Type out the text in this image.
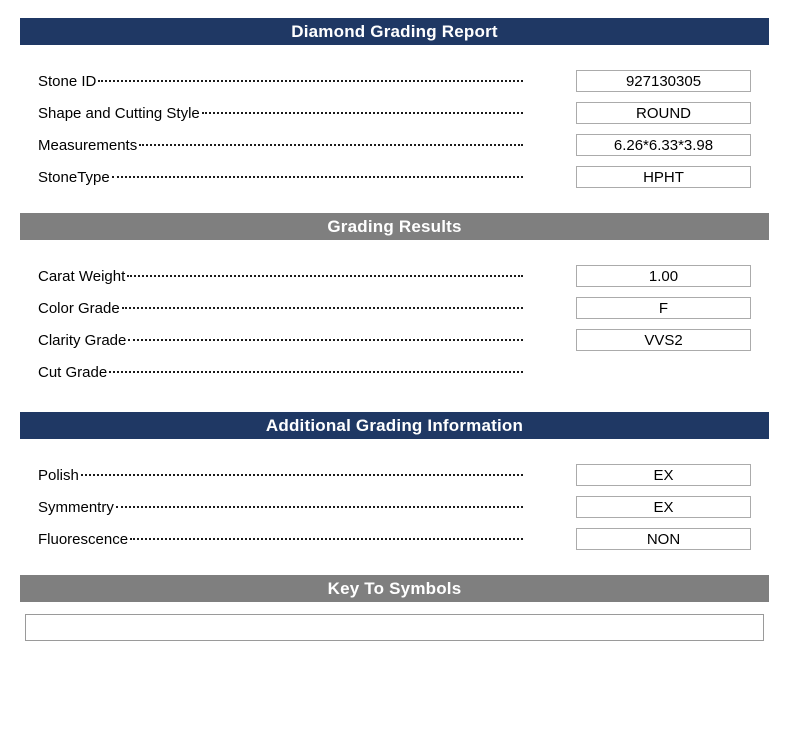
Diamond Grading Report
Stone ID	927130305
Shape and Cutting Style	ROUND
Measurements	6.26*6.33*3.98
StoneType	HPHT
Grading Results
Carat Weight	1.00
Color Grade	F
Clarity Grade	VVS2
Cut Grade
Additional Grading Information
Polish	EX
Symmentry	EX
Fluorescence	NON
Key To Symbols
